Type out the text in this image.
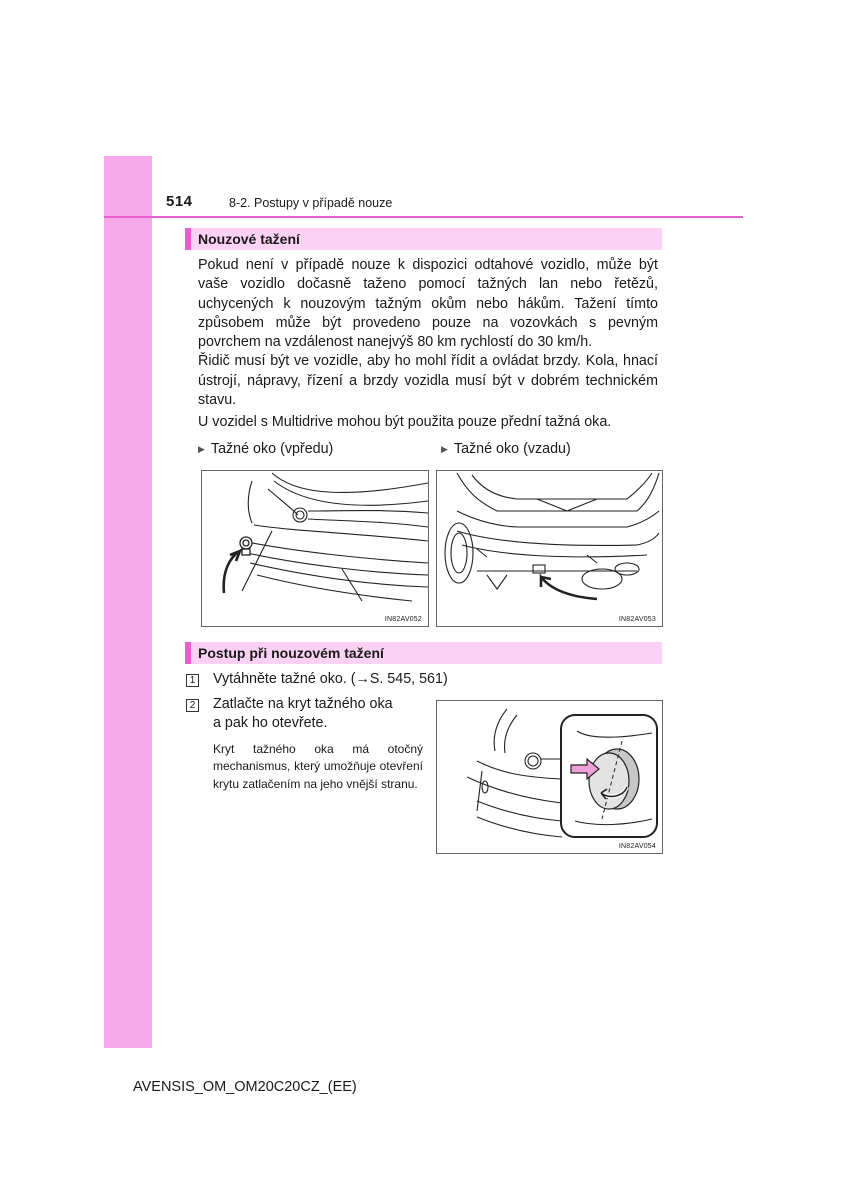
514	8-2. Postupy v případě nouze
Nouzové tažení

Pokud není v případě nouze k dispozici odtahové vozidlo, může být vaše vozidlo dočasně taženo pomocí tažných lan nebo řetězů, uchycených k nouzovým tažným okům nebo hákům. Tažení tímto způsobem může být provedeno pouze na vozovkách s pevným povrchem na vzdálenost nanejvýš 80 km rychlostí do 30 km/h.

Řidič musí být ve vozidle, aby ho mohl řídit a ovládat brzdy. Kola, hnací ústrojí, nápravy, řízení a brzdy vozidla musí být v dobrém technickém stavu.

U vozidel s Multidrive mohou být použita pouze přední tažná oka.

▶ Tažné oko (vpředu)	▶ Tažné oko (vzadu)
IN82AV052	IN82AV053
Postup při nouzovém tažení
1 Vytáhněte tažné oko. (→S. 545, 561)
2 Zatlačte na kryt tažného oka
a pak ho otevřete.
Kryt tažného oka má otočný mechanismus, který umožňuje otevření krytu zatlačením na jeho vnější stranu.
IN82AV054
AVENSIS_OM_OM20C20CZ_(EE)
